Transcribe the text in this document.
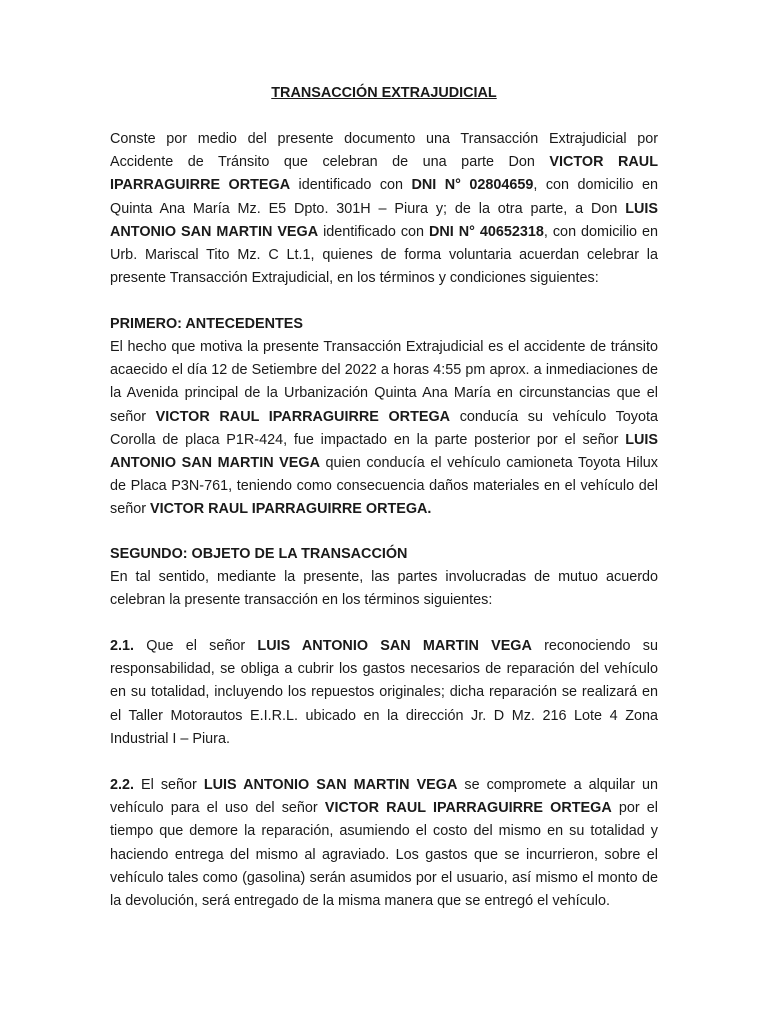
TRANSACCIÓN EXTRAJUDICIAL

Conste por medio del presente documento una Transacción Extrajudicial por Accidente de Tránsito que celebran de una parte Don VICTOR RAUL IPARRAGUIRRE ORTEGA identificado con DNI N° 02804659, con domicilio en Quinta Ana María Mz. E5 Dpto. 301H – Piura y; de la otra parte, a Don LUIS ANTONIO SAN MARTIN VEGA identificado con DNI N° 40652318, con domicilio en Urb. Mariscal Tito Mz. C Lt.1, quienes de forma voluntaria acuerdan celebrar la presente Transacción Extrajudicial, en los términos y condiciones siguientes:

PRIMERO: ANTECEDENTES

El hecho que motiva la presente Transacción Extrajudicial es el accidente de tránsito acaecido el día 12 de Setiembre del 2022 a horas 4:55 pm aprox. a inmediaciones de la Avenida principal de la Urbanización Quinta Ana María en circunstancias que el señor VICTOR RAUL IPARRAGUIRRE ORTEGA conducía su vehículo Toyota Corolla de placa P1R-424, fue impactado en la parte posterior por el señor LUIS ANTONIO SAN MARTIN VEGA quien conducía el vehículo camioneta Toyota Hilux de Placa P3N-761, teniendo como consecuencia daños materiales en el vehículo del señor VICTOR RAUL IPARRAGUIRRE ORTEGA.

SEGUNDO: OBJETO DE LA TRANSACCIÓN

En tal sentido, mediante la presente, las partes involucradas de mutuo acuerdo celebran la presente transacción en los términos siguientes:

2.1. Que el señor LUIS ANTONIO SAN MARTIN VEGA reconociendo su responsabilidad, se obliga a cubrir los gastos necesarios de reparación del vehículo en su totalidad, incluyendo los repuestos originales; dicha reparación se realizará en el Taller Motorautos E.I.R.L. ubicado en la dirección Jr. D Mz. 216 Lote 4 Zona Industrial I – Piura.

2.2. El señor LUIS ANTONIO SAN MARTIN VEGA se compromete a alquilar un vehículo para el uso del señor VICTOR RAUL IPARRAGUIRRE ORTEGA por el tiempo que demore la reparación, asumiendo el costo del mismo en su totalidad y haciendo entrega del mismo al agraviado. Los gastos que se incurrieron, sobre el vehículo tales como (gasolina) serán asumidos por el usuario, así mismo el monto de la devolución, será entregado de la misma manera que se entregó el vehículo.
